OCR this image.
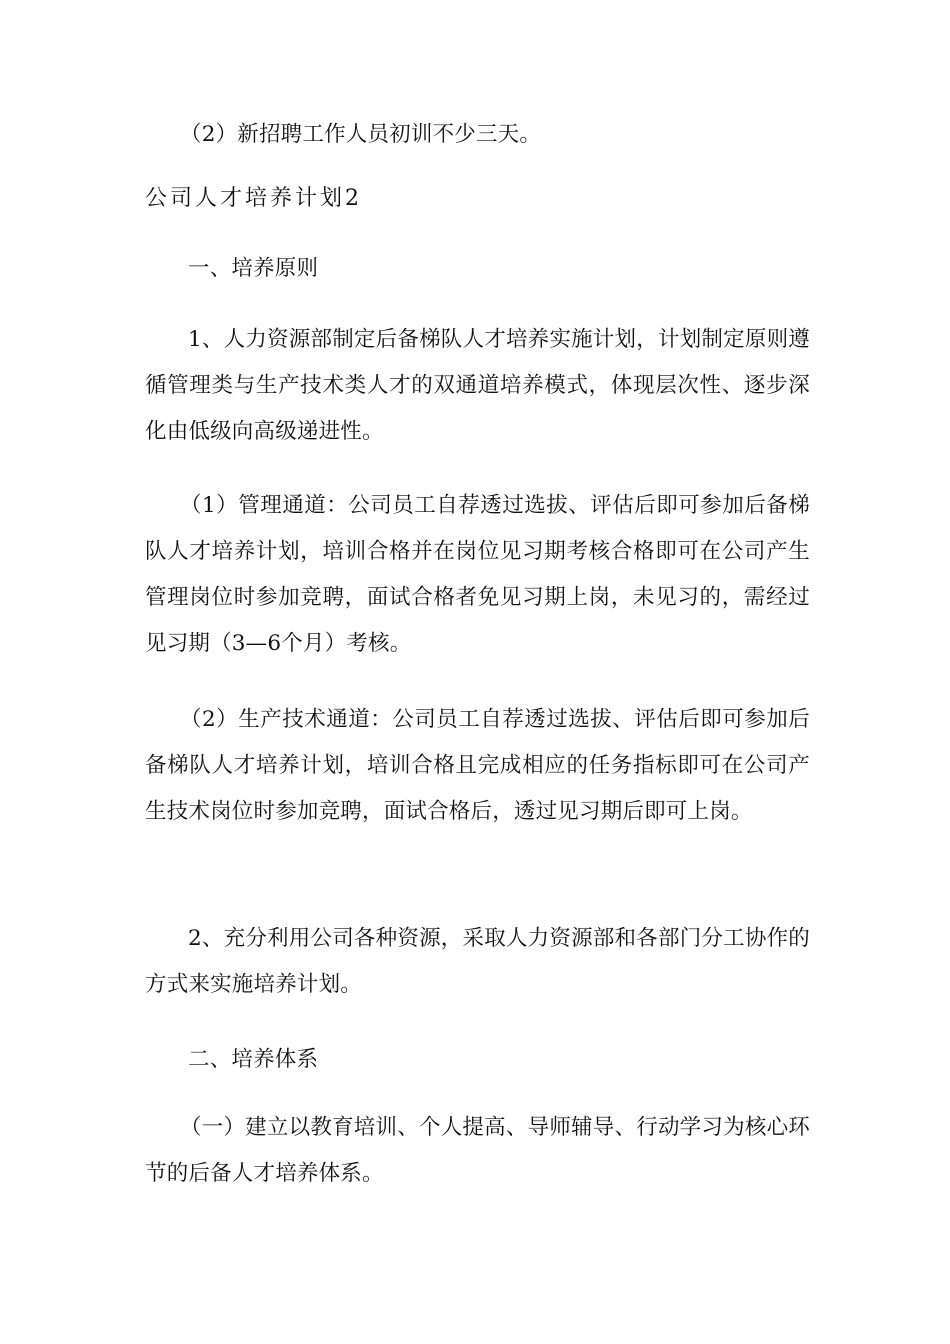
（2）新招聘工作人员初训不少三天。

公司人才培养计划2

一、培养原则

1、人力资源部制定后备梯队人才培养实施计划，计划制定原则遵循管理类与生产技术类人才的双通道培养模式，体现层次性、逐步深化由低级向高级递进性。

（1）管理通道：公司员工自荐透过选拔、评估后即可参加后备梯队人才培养计划，培训合格并在岗位见习期考核合格即可在公司产生管理岗位时参加竞聘，面试合格者免见习期上岗，未见习的，需经过见习期（3—6个月）考核。

（2）生产技术通道：公司员工自荐透过选拔、评估后即可参加后备梯队人才培养计划，培训合格且完成相应的任务指标即可在公司产生技术岗位时参加竞聘，面试合格后，透过见习期后即可上岗。

2、充分利用公司各种资源，采取人力资源部和各部门分工协作的方式来实施培养计划。

二、培养体系

（一）建立以教育培训、个人提高、导师辅导、行动学习为核心环节的后备人才培养体系。
